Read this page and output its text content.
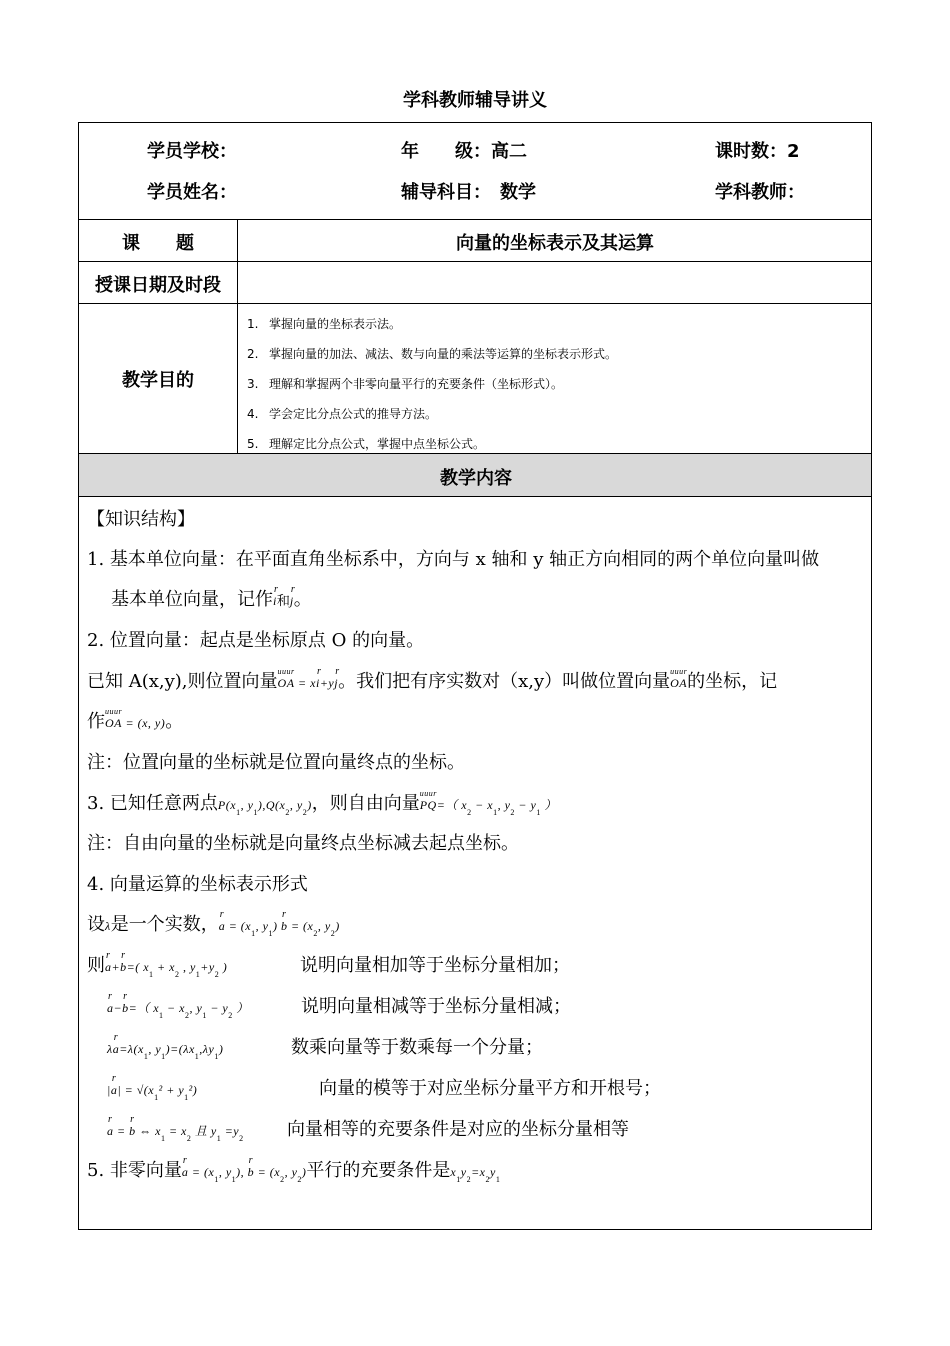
学科教师辅导讲义
学员学校：	年　　级：高二	课时数：2
学员姓名：	辅导科目：　数学	学科教师：
课　　题	向量的坐标表示及其运算
授课日期及时段
教学目的
1. 掌握向量的坐标表示法。
2. 掌握向量的加法、减法、数与向量的乘法等运算的坐标表示形式。
3. 理解和掌握两个非零向量平行的充要条件（坐标形式）。
4. 学会定比分点公式的推导方法。
5. 理解定比分点公式，掌握中点坐标公式。
教学内容
【知识结构】
1. 基本单位向量：在平面直角坐标系中，方向与 x 轴和 y 轴正方向相同的两个单位向量叫做
基本单位向量，记作r i和r j。
2. 位置向量：起点是坐标原点 O 的向量。
已知 A(x,y),则位置向量uuur OA = xr i+yr j。我们把有序实数对（x,y）叫做位置向量uuur OA的坐标，记
作uuur OA = (x, y)。
注：位置向量的坐标就是位置向量终点的坐标。
3. 已知任意两点$P(x_1$, $y_1),Q(x_2$, $y_2$)，则自由向量uuur PQ=（ $x_2 - x_1$, $y_2 - y_1$ ）
注：自由向量的坐标就是向量终点坐标减去起点坐标。
4. 向量运算的坐标表示形式
设λ是一个实数，r $a = (x_1$, $y_1$) r $b = (x_2$, $y_2$)
则r a+r b=( $x_1 + x_2$ , $y_1+y_2$ )	说明向量相加等于坐标分量相加；
r a−r b=（ $x_1 - x_2$, $y_1 - y_2$ ）	说明向量相减等于坐标分量相减；
λr $a=\lambda(x_1$, $y_1)=(\lambda x_1,\lambda y_1)$	数乘向量等于数乘每一个分量；
|r $a| = √(x_1^2 + y_1^2)$	向量的模等于对应坐标分量平方和开根号；
r a = r b ⇔ $x_1 = x_2$ 且 $y_1 =y_2$ 向量相等的充要条件是对应的坐标分量相等
5. 非零向量r $a = (x_1$, $y_1$), r $b = (x_2$, $y_2$)平行的充要条件是$x_1y_2=x_2y_1$
